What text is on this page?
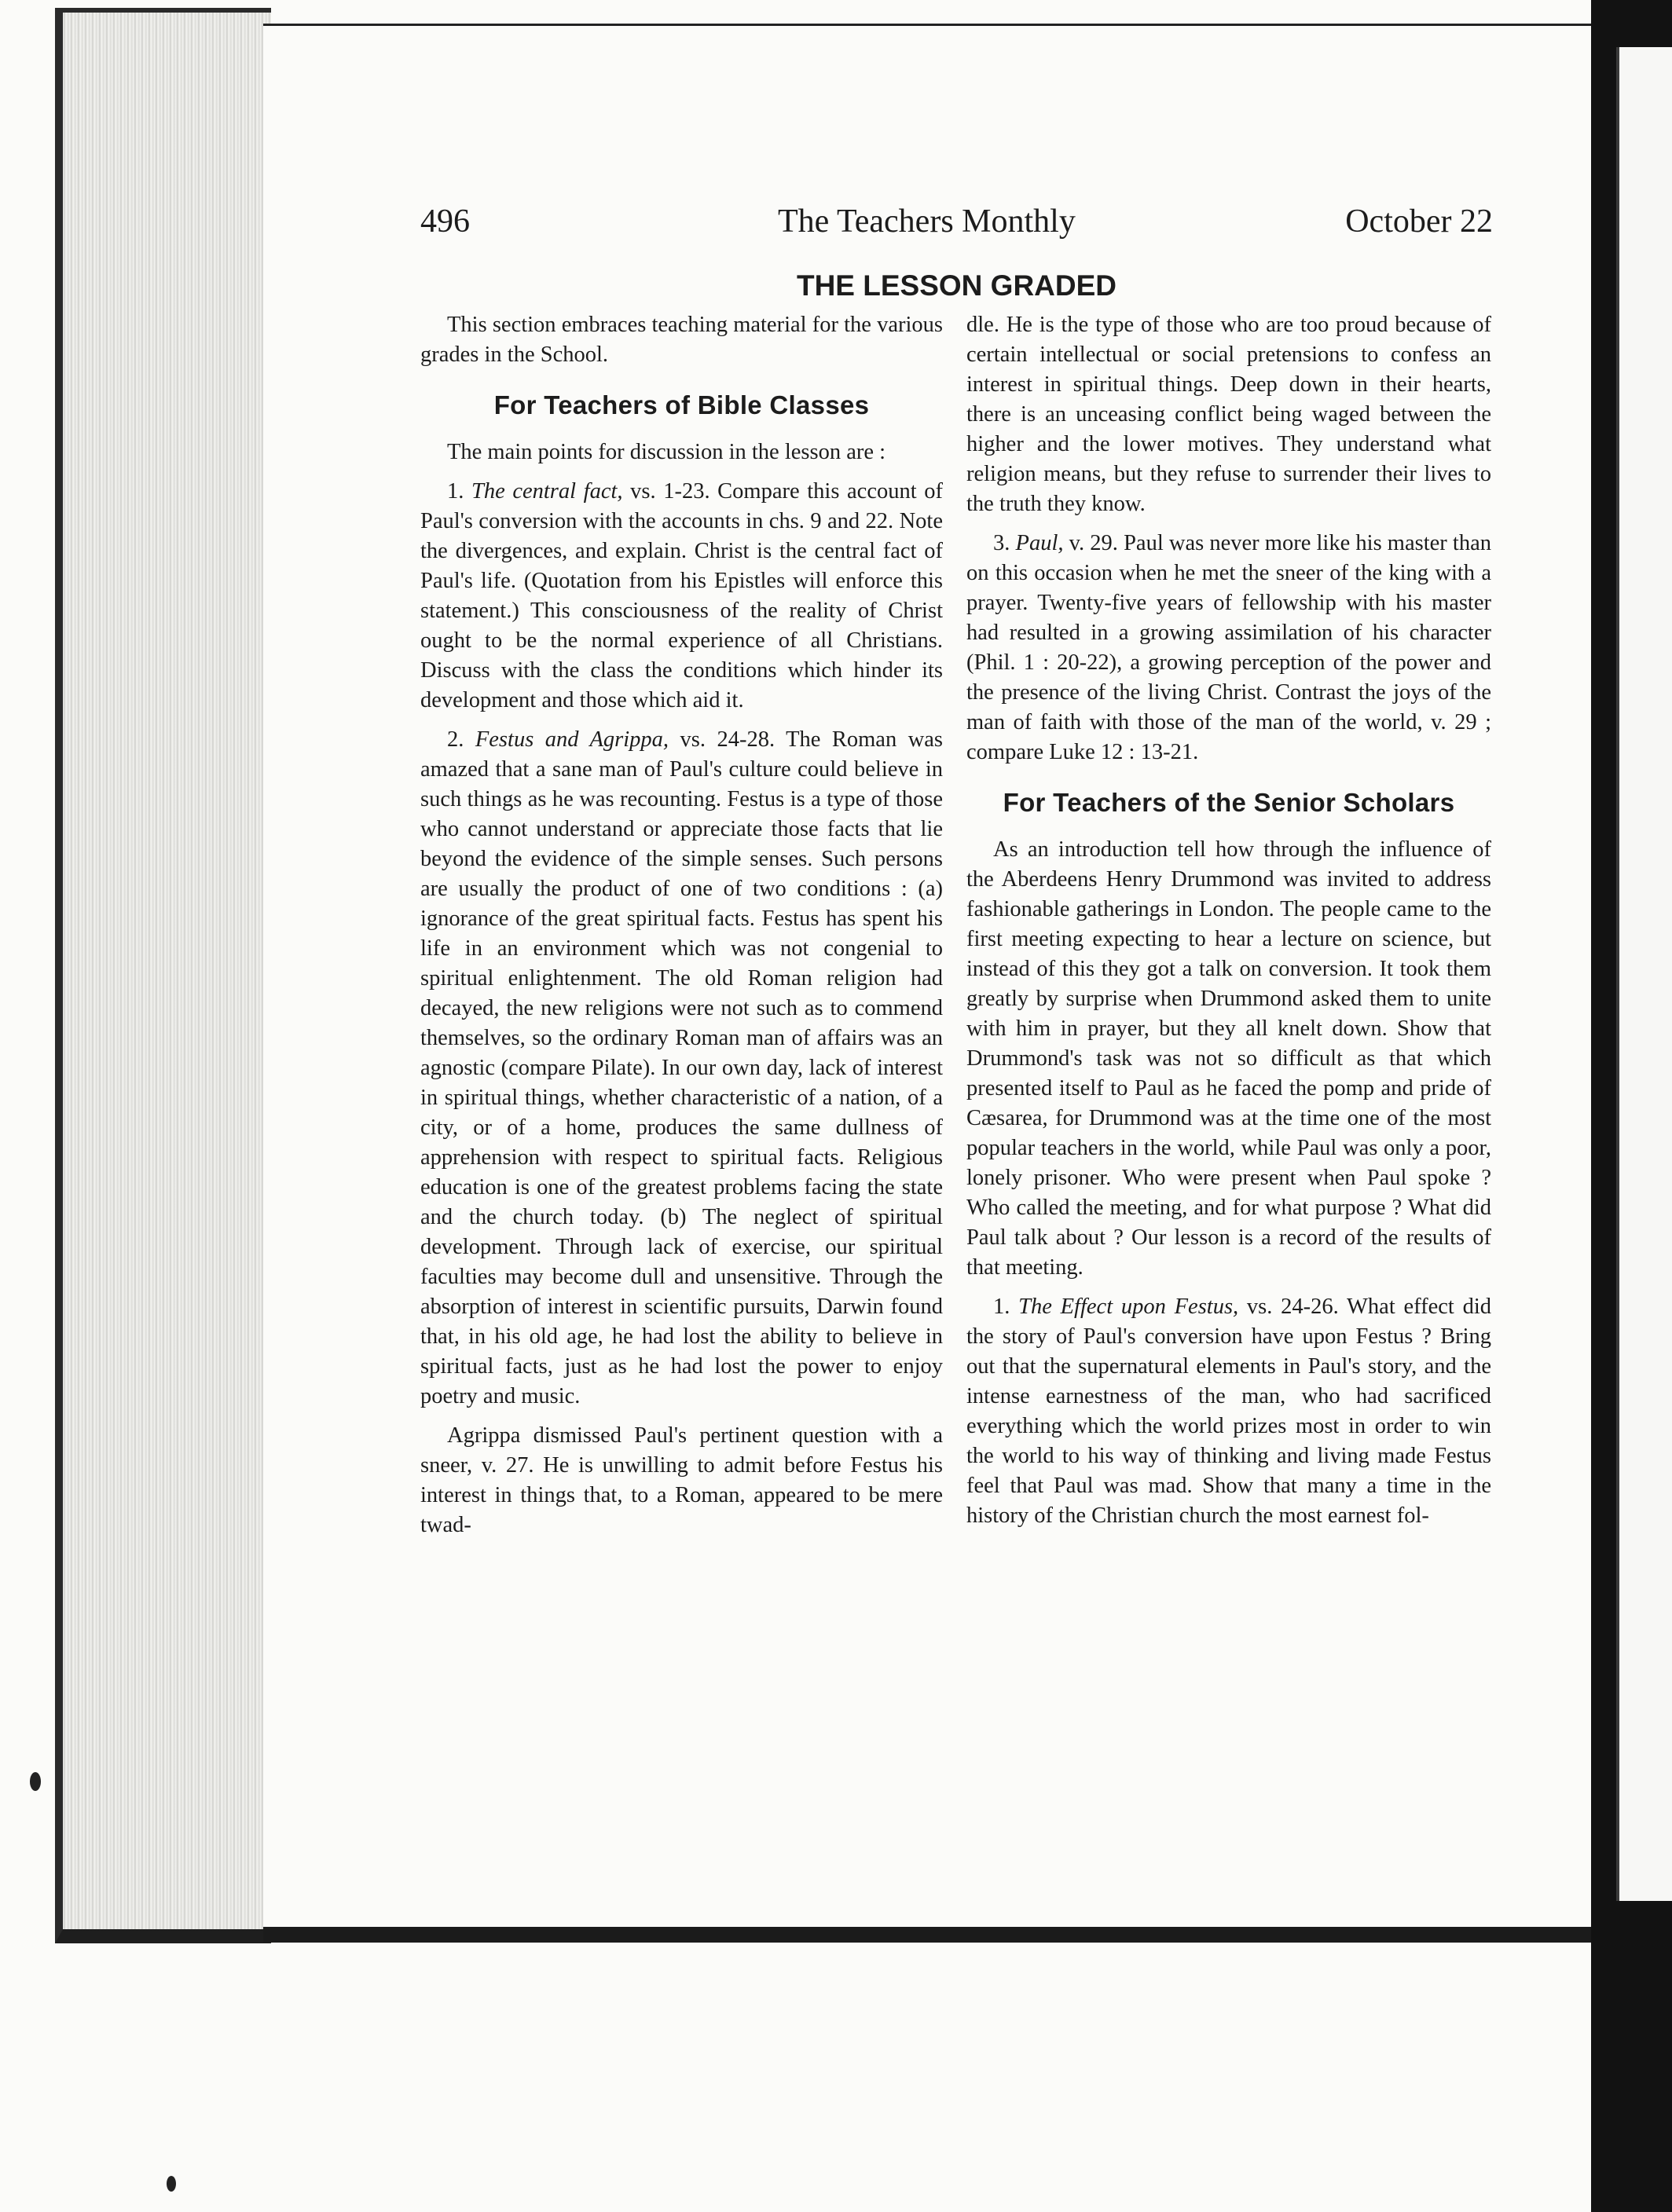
496	The Teachers Monthly	October 22
THE LESSON GRADED

This section embraces teaching material for the various grades in the School.

For Teachers of Bible Classes

The main points for discussion in the lesson are :

1. The central fact, vs. 1-23. Compare this account of Paul's conversion with the accounts in chs. 9 and 22. Note the divergences, and explain. Christ is the central fact of Paul's life. (Quotation from his Epistles will enforce this statement.) This consciousness of the reality of Christ ought to be the normal experience of all Christians. Discuss with the class the conditions which hinder its development and those which aid it.

2. Festus and Agrippa, vs. 24-28. The Roman was amazed that a sane man of Paul's culture could believe in such things as he was recounting. Festus is a type of those who cannot understand or appreciate those facts that lie beyond the evidence of the simple senses. Such persons are usually the product of one of two conditions : (a) ignorance of the great spiritual facts. Festus has spent his life in an environment which was not congenial to spiritual enlightenment. The old Roman religion had decayed, the new religions were not such as to commend themselves, so the ordinary Roman man of affairs was an agnostic (compare Pilate). In our own day, lack of interest in spiritual things, whether characteristic of a nation, of a city, or of a home, produces the same dullness of apprehension with respect to spiritual facts. Religious education is one of the greatest problems facing the state and the church today. (b) The neglect of spiritual development. Through lack of exercise, our spiritual faculties may become dull and unsensitive. Through the absorption of interest in scientific pursuits, Darwin found that, in his old age, he had lost the ability to believe in spiritual facts, just as he had lost the power to enjoy poetry and music.

Agrippa dismissed Paul's pertinent question with a sneer, v. 27. He is unwilling to admit before Festus his interest in things that, to a Roman, appeared to be mere twad-

dle. He is the type of those who are too proud because of certain intellectual or social pretensions to confess an interest in spiritual things. Deep down in their hearts, there is an unceasing conflict being waged between the higher and the lower motives. They understand what religion means, but they refuse to surrender their lives to the truth they know.

3. Paul, v. 29. Paul was never more like his master than on this occasion when he met the sneer of the king with a prayer. Twenty-five years of fellowship with his master had resulted in a growing assimilation of his character (Phil. 1 : 20-22), a growing perception of the power and the presence of the living Christ. Contrast the joys of the man of faith with those of the man of the world, v. 29 ; compare Luke 12 : 13-21.

For Teachers of the Senior Scholars

As an introduction tell how through the influence of the Aberdeens Henry Drummond was invited to address fashionable gatherings in London. The people came to the first meeting expecting to hear a lecture on science, but instead of this they got a talk on conversion. It took them greatly by surprise when Drummond asked them to unite with him in prayer, but they all knelt down. Show that Drummond's task was not so difficult as that which presented itself to Paul as he faced the pomp and pride of Cæsarea, for Drummond was at the time one of the most popular teachers in the world, while Paul was only a poor, lonely prisoner. Who were present when Paul spoke ? Who called the meeting, and for what purpose ? What did Paul talk about ? Our lesson is a record of the results of that meeting.

1. The Effect upon Festus, vs. 24-26. What effect did the story of Paul's conversion have upon Festus ? Bring out that the supernatural elements in Paul's story, and the intense earnestness of the man, who had sacrificed everything which the world prizes most in order to win the world to his way of thinking and living made Festus feel that Paul was mad. Show that many a time in the history of the Christian church the most earnest fol-
